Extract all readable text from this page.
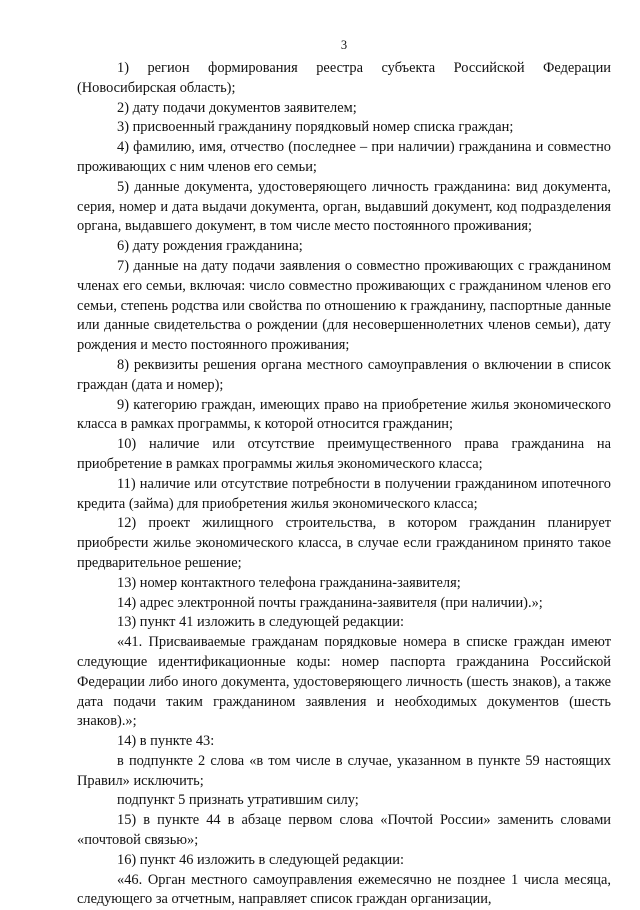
3

1) регион формирования реестра субъекта Российской Федерации (Новосибирская область);

2) дату подачи документов заявителем;

3) присвоенный гражданину порядковый номер списка граждан;

4) фамилию, имя, отчество (последнее – при наличии) гражданина и совместно проживающих с ним членов его семьи;

5) данные документа, удостоверяющего личность гражданина: вид документа, серия, номер и дата выдачи документа, орган, выдавший документ, код подразделения органа, выдавшего документ, в том числе место постоянного проживания;

6) дату рождения гражданина;

7) данные на дату подачи заявления о совместно проживающих с гражданином членах его семьи, включая: число совместно проживающих с гражданином членов его семьи, степень родства или свойства по отношению к гражданину, паспортные данные или данные свидетельства о рождении (для несовершеннолетних членов семьи), дату рождения и место постоянного проживания;

8) реквизиты решения органа местного самоуправления о включении в список граждан (дата и номер);

9) категорию граждан, имеющих право на приобретение жилья экономического класса в рамках программы, к которой относится гражданин;

10) наличие или отсутствие преимущественного права гражданина на приобретение в рамках программы жилья экономического класса;

11) наличие или отсутствие потребности в получении гражданином ипотечного кредита (займа) для приобретения жилья экономического класса;

12) проект жилищного строительства, в котором гражданин планирует приобрести жилье экономического класса, в случае если гражданином принято такое предварительное решение;

13) номер контактного телефона гражданина-заявителя;

14) адрес электронной почты гражданина-заявителя (при наличии).»;

13) пункт 41 изложить в следующей редакции:

«41. Присваиваемые гражданам порядковые номера в списке граждан имеют следующие идентификационные коды: номер паспорта гражданина Российской Федерации либо иного документа, удостоверяющего личность (шесть знаков), а также дата подачи таким гражданином заявления и необходимых документов (шесть знаков).»;

14) в пункте 43:

в подпункте 2 слова «в том числе в случае, указанном в пункте 59 настоящих Правил» исключить;

подпункт 5 признать утратившим силу;

15) в пункте 44 в абзаце первом слова «Почтой России» заменить словами «почтовой связью»;

16) пункт 46 изложить в следующей редакции:

«46. Орган местного самоуправления ежемесячно не позднее 1 числа месяца, следующего за отчетным, направляет список граждан организации,
